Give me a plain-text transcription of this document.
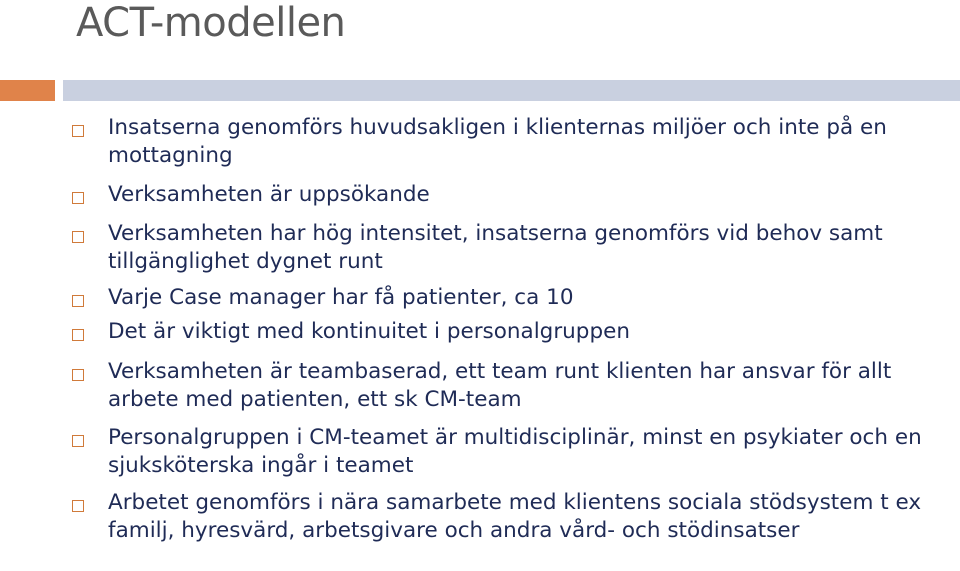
ACT-modellen
Insatserna genomförs huvudsakligen i klienternas miljöer och inte på en mottagning
Verksamheten är uppsökande
Verksamheten har hög intensitet, insatserna genomförs vid behov samt tillgänglighet dygnet runt
Varje Case manager har få patienter, ca 10
Det är viktigt med kontinuitet i personalgruppen
Verksamheten är teambaserad, ett team runt klienten har ansvar för allt arbete med patienten, ett sk CM-team
Personalgruppen i CM-teamet är multidisciplinär, minst en psykiater och en sjuksköterska ingår i teamet
Arbetet genomförs i nära samarbete med klientens sociala stödsystem t ex familj, hyresvärd, arbetsgivare och andra vård- och stödinsatser
